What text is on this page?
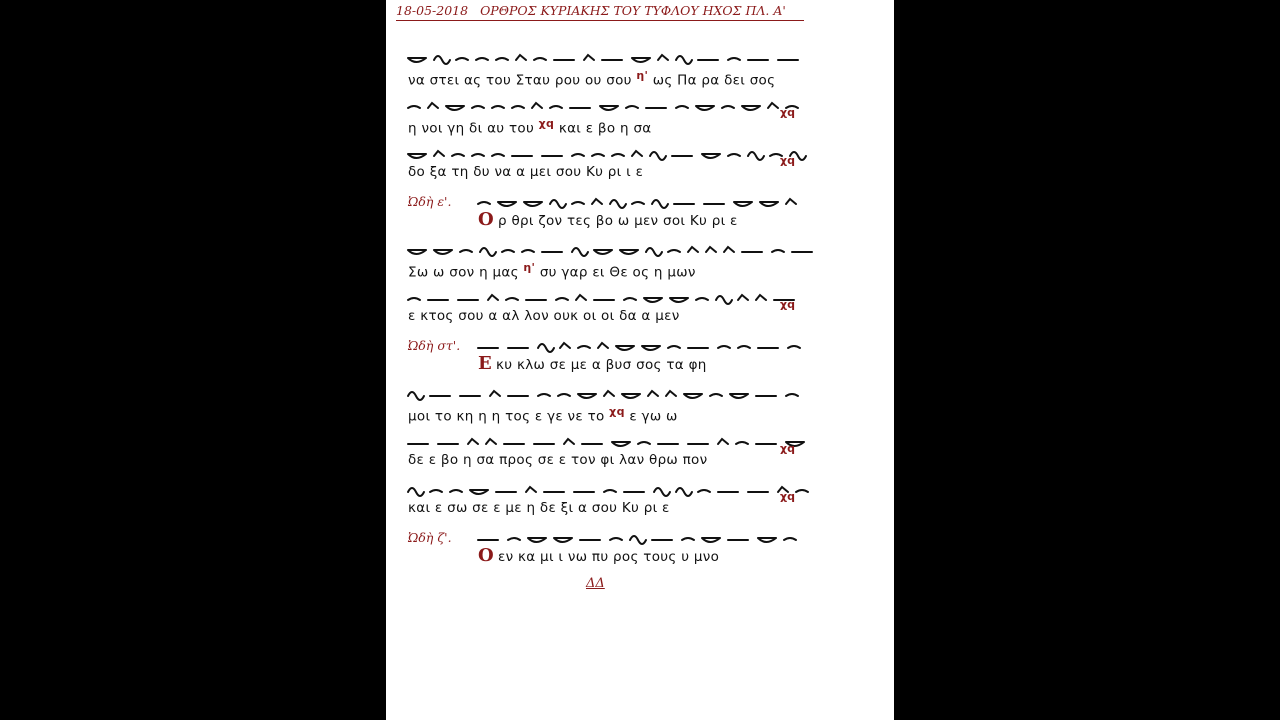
18-05-2018 ΟΡΘΡΟΣ ΚΥΡΙΑΚΗΣ ΤΟΥ ΤΥΦΛΟΥ ΗΧΟΣ ΠΛ. Α'
να στει ας του Σταυ ρου ου σου $^{\eta'}$ ως Πα ρα δει σος
η νοι γη δι αυ του $^{\chi q}$ και ε βο η σα
χq
δο ξα τη δυ να α μει σου Κυ ρι ι ε
χq
Ὠδὴ ε'.
Ο ρ θρι ζον τες βο ω μεν σοι Κυ ρι ε
Σω ω σον η μας $^{\eta'}$ συ γαρ ει Θε ος η μων
ε κτος σου α αλ λον ουκ οι οι δα α μεν
χq
Ὠδὴ στ'.
Ε κυ κλω σε με α βυσ σος τα φη
μοι το κη η η τος ε γε νε το $^{\chi q}$ ε γω ω
δε ε βο η σα προς σε ε τον φι λαν θρω πον
χq
και ε σω σε ε με η δε ξι α σου Κυ ρι ε
χq
Ὠδὴ ζ'.
Ο εν κα μι ι νω πυ ρος τους υ μνο
ΔΔ
